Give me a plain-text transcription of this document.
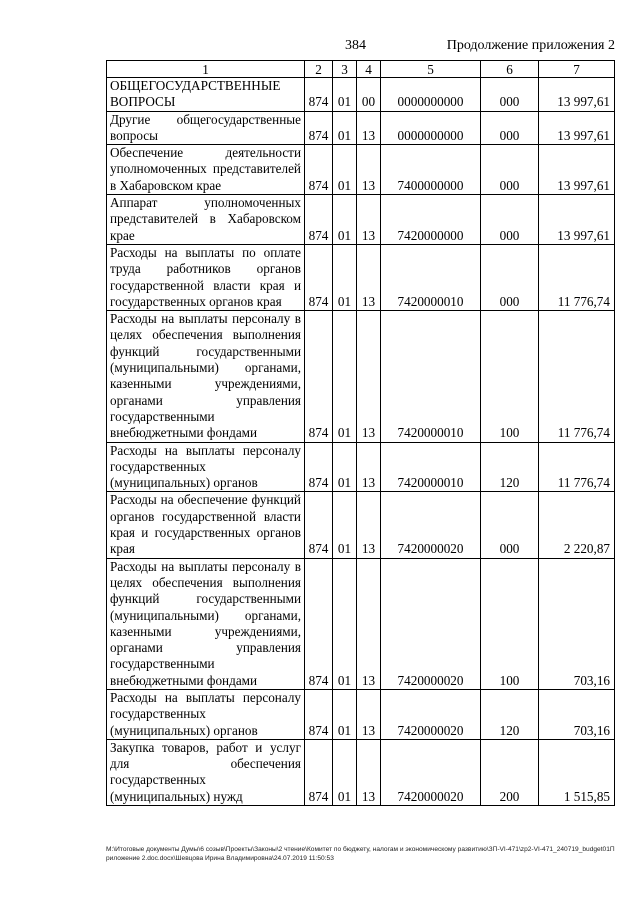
384	Продолжение приложения 2
1	2	3	4	5	6	7
ОБЩЕГОСУДАРСТВЕННЫЕ ВОПРОСЫ	874	01	00	0000000000	000	13 997,61
Другие общегосударственные вопросы	874	01	13	0000000000	000	13 997,61
Обеспечение деятельности уполномоченных представителей в Хабаровском крае	874	01	13	7400000000	000	13 997,61
Аппарат уполномоченных представителей в Хабаровском крае	874	01	13	7420000000	000	13 997,61
Расходы на выплаты по оплате труда работников органов государственной власти края и государственных органов края	874	01	13	7420000010	000	11 776,74
Расходы на выплаты персоналу в целях обеспечения выполнения функций государственными (муниципальными) органами, казенными учреждениями, органами управления государственными внебюджетными фондами	874	01	13	7420000010	100	11 776,74
Расходы на выплаты персоналу государственных (муниципальных) органов	874	01	13	7420000010	120	11 776,74
Расходы на обеспечение функций органов государственной власти края и государственных органов края	874	01	13	7420000020	000	2 220,87
Расходы на выплаты персоналу в целях обеспечения выполнения функций государственными (муниципальными) органами, казенными учреждениями, органами управления государственными внебюджетными фондами	874	01	13	7420000020	100	703,16
Расходы на выплаты персоналу государственных (муниципальных) органов	874	01	13	7420000020	120	703,16
Закупка товаров, работ и услуг для обеспечения государственных (муниципальных) нужд	874	01	13	7420000020	200	1 515,85
M:\Итоговые документы Думы\6 созыв\Проекты\Законы\2 чтение\Комитет по бюджету, налогам и экономическому развитию\ЗП-VI-471\zp2-VI-471_240719_budget01Приложение 2.doc.docx\Шевцова Ирина Владимировна\24.07.2019 11:50:53
